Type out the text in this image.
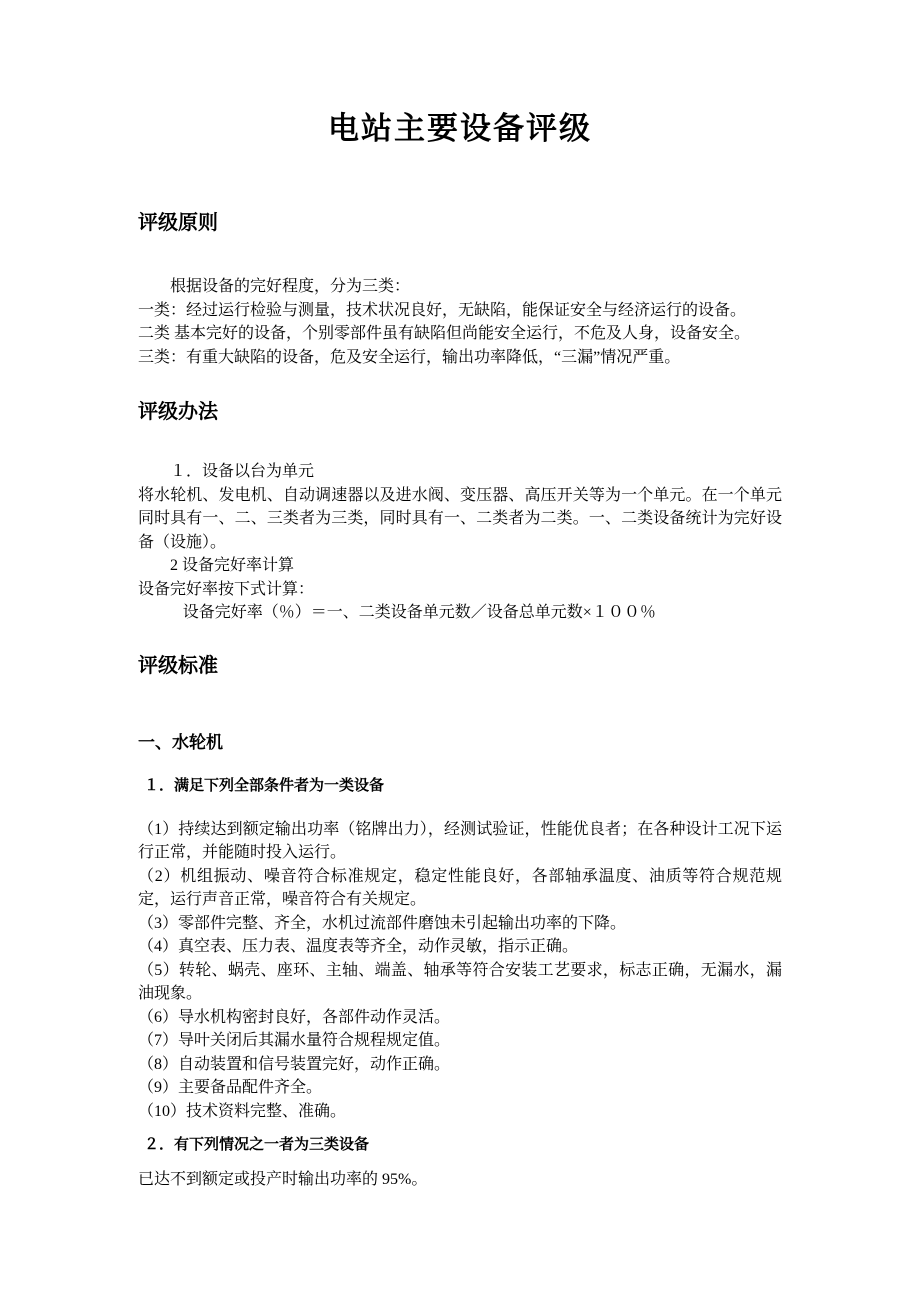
电站主要设备评级
评级原则
根据设备的完好程度，分为三类：
一类：经过运行检验与测量，技术状况良好，无缺陷，能保证安全与经济运行的设备。
二类 基本完好的设备，个别零部件虽有缺陷但尚能安全运行，不危及人身，设备安全。
三类：有重大缺陷的设备，危及安全运行，输出功率降低，“三漏”情况严重。
评级办法
１．设备以台为单元
将水轮机、发电机、自动调速器以及进水阀、变压器、高压开关等为一个单元。在一个单元同时具有一、二、三类者为三类，同时具有一、二类者为二类。一、二类设备统计为完好设备（设施）。
2 设备完好率计算
设备完好率按下式计算：
设备完好率（％）＝一、二类设备单元数／设备总单元数×１００％
评级标准
一、水轮机
１．满足下列全部条件者为一类设备
（1）持续达到额定输出功率（铭牌出力），经测试验证，性能优良者；在各种设计工况下运行正常，并能随时投入运行。
（2）机组振动、噪音符合标准规定，稳定性能良好，各部轴承温度、油质等符合规范规定，运行声音正常，噪音符合有关规定。
（3）零部件完整、齐全，水机过流部件磨蚀未引起输出功率的下降。
（4）真空表、压力表、温度表等齐全，动作灵敏，指示正确。
（5）转轮、蜗壳、座环、主轴、端盖、轴承等符合安装工艺要求，标志正确，无漏水，漏油现象。
（6）导水机构密封良好，各部件动作灵活。
（7）导叶关闭后其漏水量符合规程规定值。
（8）自动装置和信号装置完好，动作正确。
（9）主要备品配件齐全。
（10）技术资料完整、准确。
２．有下列情况之一者为三类设备
已达不到额定或投产时输出功率的 95%。
